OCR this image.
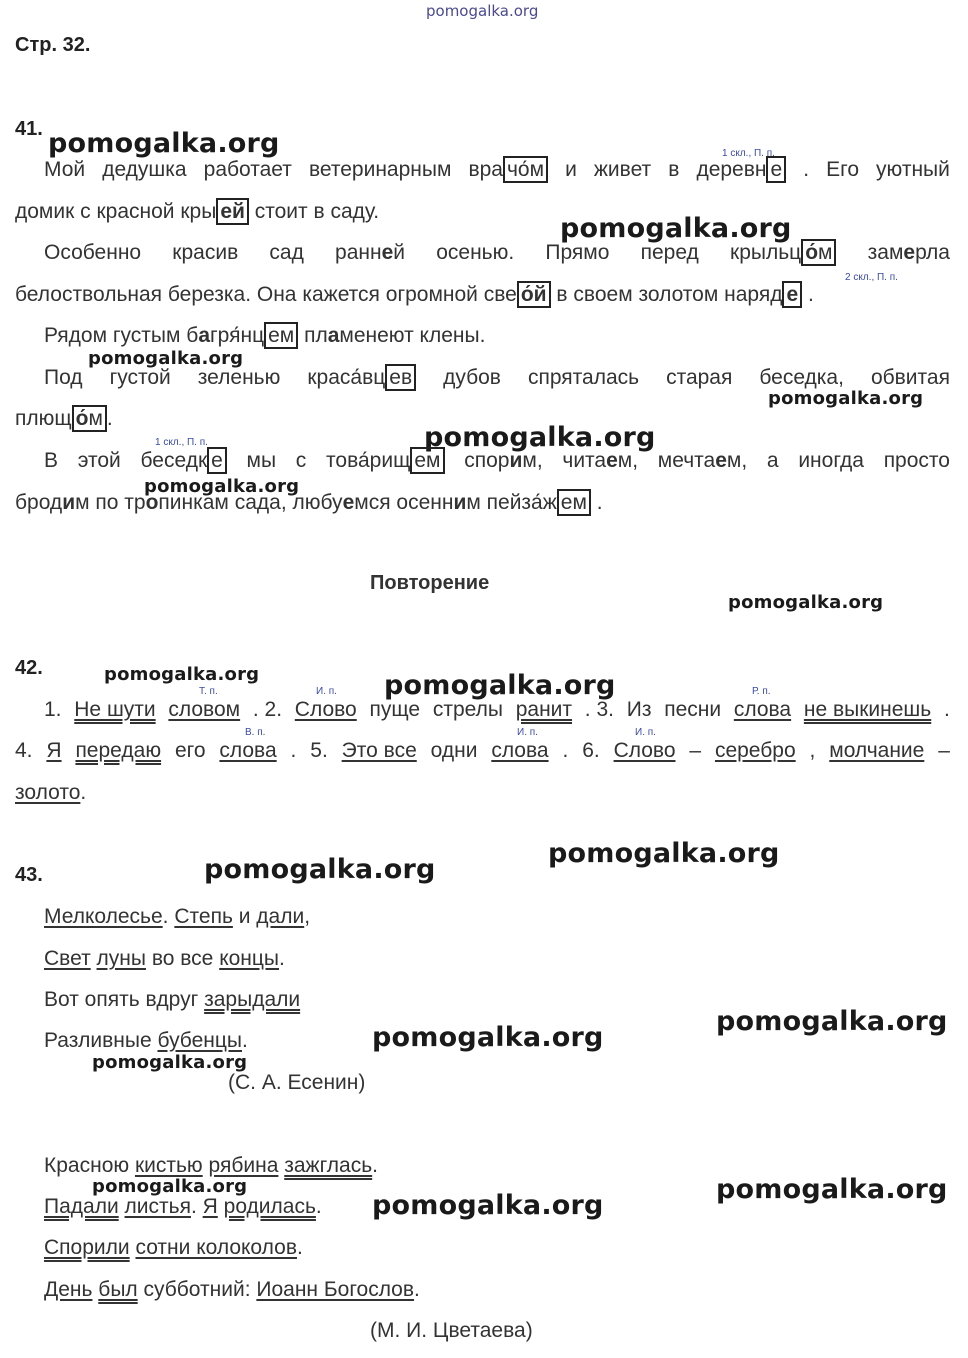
pomogalka.org
Стр. 32.
41. pomogalka.org	1 скл., П. п.
Мой дедушка работает ветеринарным вра чо́м и живет в деревн е . Его уютный
домик с красной кры ей стоит в саду.
pomogalka.org
Особенно красив сад ранней осенью. Прямо перед крыльц о́м замерла
2 скл., П. п.
белоствольная березка. Она кажется огромной све о́й в своем золотом наряд е .
Рядом густым багря́нц ем пламенеют клены.
pomogalka.org
Под густой зеленью краса́вц ев дубов спряталась старая беседка, обвитая
pomogalka.org
плющ о́м .
pomogalka.org
1 скл., П. п.
В этой беседк е мы с това́рищ ем спорим, читаем, мечтаем, а иногда просто
pomogalka.org
бродим по тропинкам сада, любуемся осенним пейза́ж ем .
Повторение
pomogalka.org
42.	pomogalka.org	pomogalka.org
Т. п.	И. п.	Р. п.
1. Не шути словом . 2. Слово пуще стрелы ранит . 3. Из песни слова не выкинешь .
В. п.	И. п.	И. п.
4. Я передаю его слова . 5. Это все одни слова . 6. Слово – серебро , молчание –
золото.
pomogalka.org
43.	pomogalka.org
Мелколесье. Степь и дали,
Свет луны во все концы.
Вот опять вдруг зарыдали
pomogalka.org
Разливные бубенцы.	pomogalka.org
pomogalka.org
(С. А. Есенин)
Красною кистью рябина зажглась.
pomogalka.org	pomogalka.org
Падали листья. Я родилась. pomogalka.org
Спорили сотни колоколов.
День был субботний: Иоанн Богослов.
(М. И. Цветаева)
